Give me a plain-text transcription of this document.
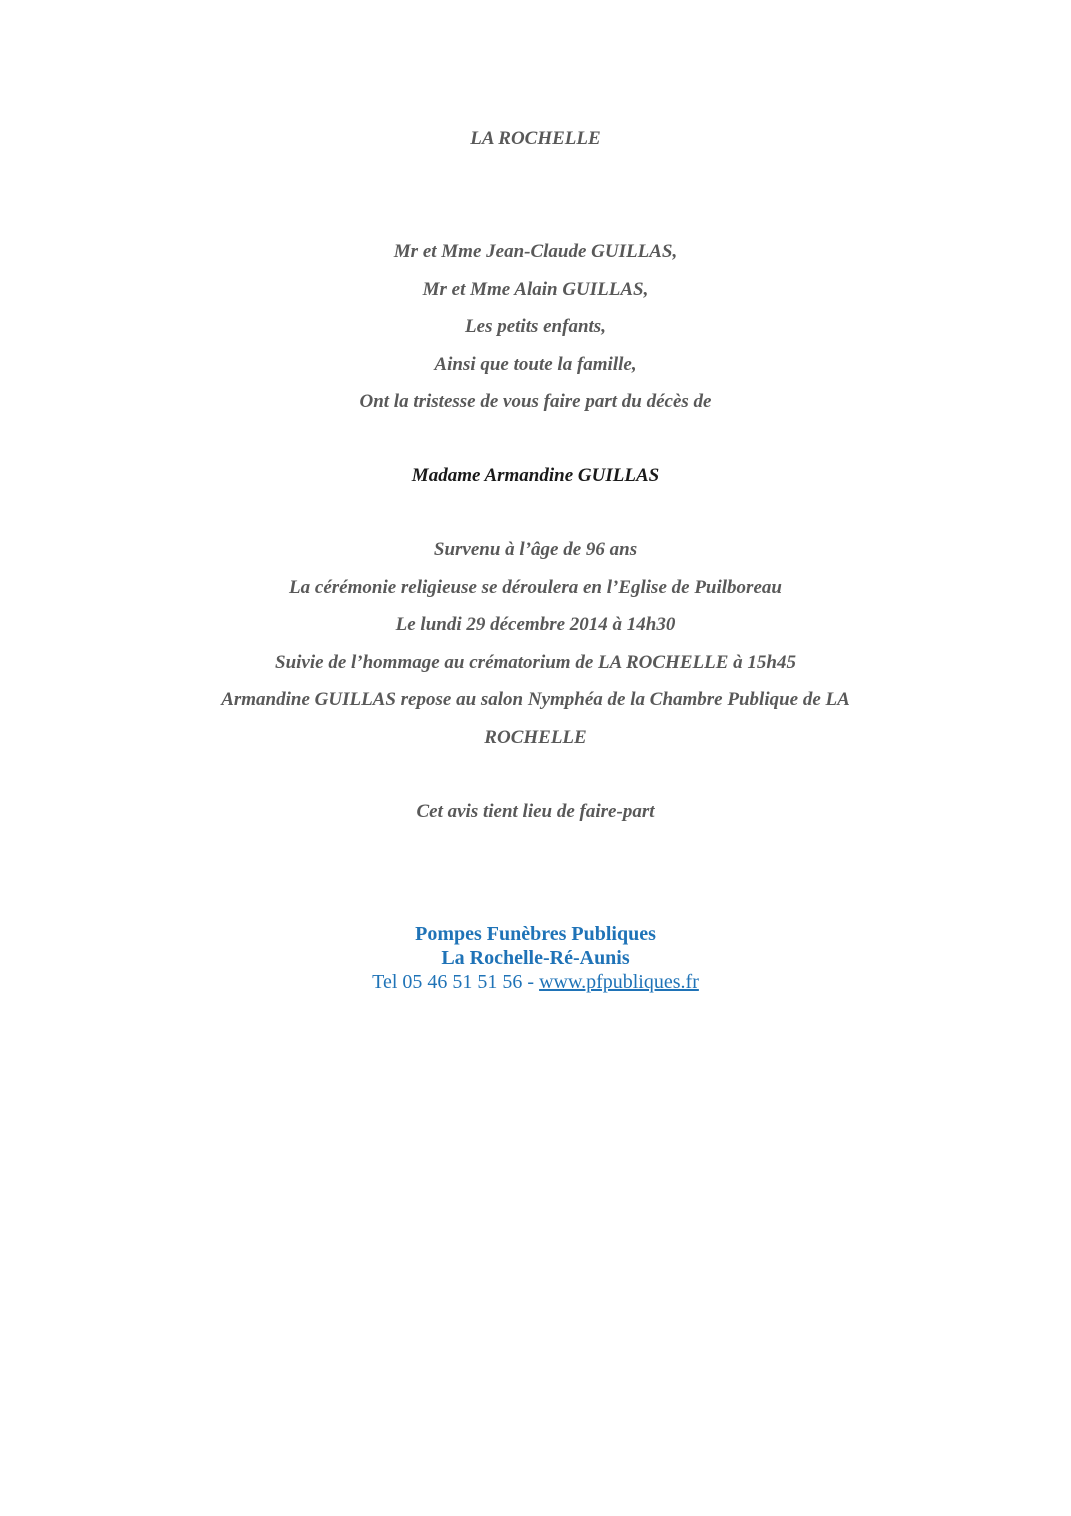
LA ROCHELLE

Mr et Mme Jean-Claude GUILLAS,

Mr et Mme Alain GUILLAS,

Les petits enfants,

Ainsi que toute la famille,

Ont la tristesse de vous faire part du décès de

Madame Armandine GUILLAS

Survenu à l’âge de 96 ans

La cérémonie religieuse se déroulera en l’Eglise de Puilboreau

Le lundi 29 décembre 2014 à 14h30

Suivie de l’hommage au crématorium de LA ROCHELLE à 15h45

Armandine GUILLAS repose au salon Nymphéa de la Chambre Publique de LA ROCHELLE

Cet avis tient lieu de faire-part

Pompes Funèbres Publiques
La Rochelle-Ré-Aunis
Tel 05 46 51 51 56 - www.pfpubliques.fr
